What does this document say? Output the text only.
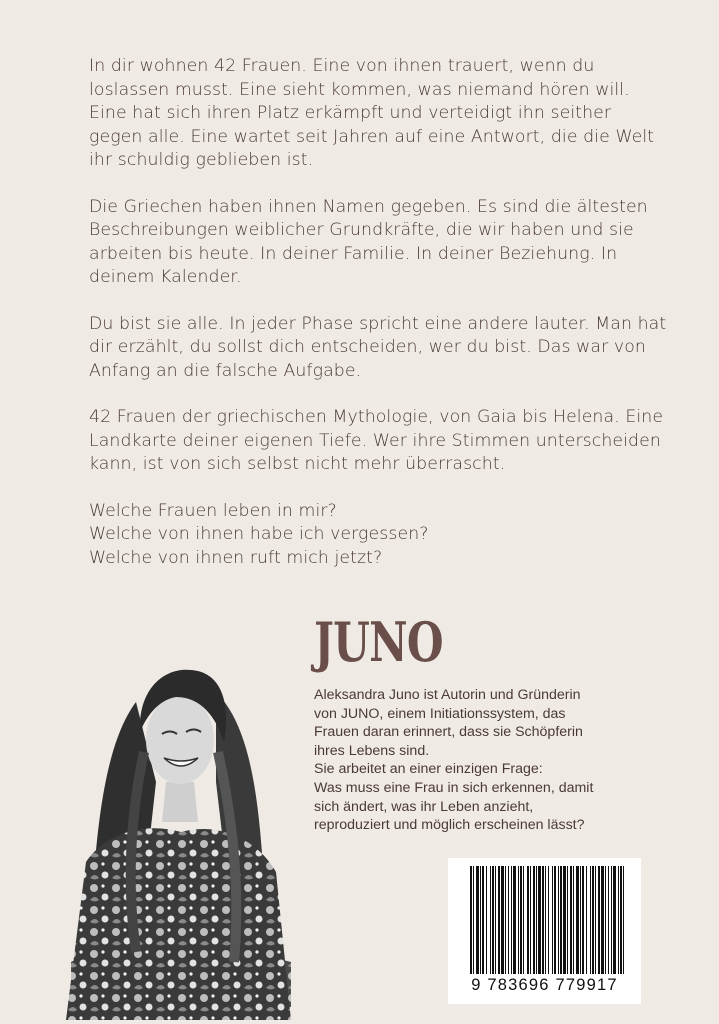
In dir wohnen 42 Frauen. Eine von ihnen trauert, wenn du loslassen musst. Eine sieht kommen, was niemand hören will. Eine hat sich ihren Platz erkämpft und verteidigt ihn seither gegen alle. Eine wartet seit Jahren auf eine Antwort, die die Welt ihr schuldig geblieben ist.

Die Griechen haben ihnen Namen gegeben. Es sind die ältesten Beschreibungen weiblicher Grundkräfte, die wir haben und sie arbeiten bis heute. In deiner Familie. In deiner Beziehung. In deinem Kalender.

Du bist sie alle. In jeder Phase spricht eine andere lauter. Man hat dir erzählt, du sollst dich entscheiden, wer du bist. Das war von Anfang an die falsche Aufgabe.

42 Frauen der griechischen Mythologie, von Gaia bis Helena. Eine Landkarte deiner eigenen Tiefe. Wer ihre Stimmen unterscheiden kann, ist von sich selbst nicht mehr überrascht.

Welche Frauen leben in mir?
Welche von ihnen habe ich vergessen?
Welche von ihnen ruft mich jetzt?

JUNO
Aleksandra Juno ist Autorin und Gründerin
von JUNO, einem Initiationssystem, das
Frauen daran erinnert, dass sie Schöpferin
ihres Lebens sind.
Sie arbeitet an einer einzigen Frage:
Was muss eine Frau in sich erkennen, damit
sich ändert, was ihr Leben anzieht,
reproduziert und möglich erscheinen lässt?
9 783696 779917
